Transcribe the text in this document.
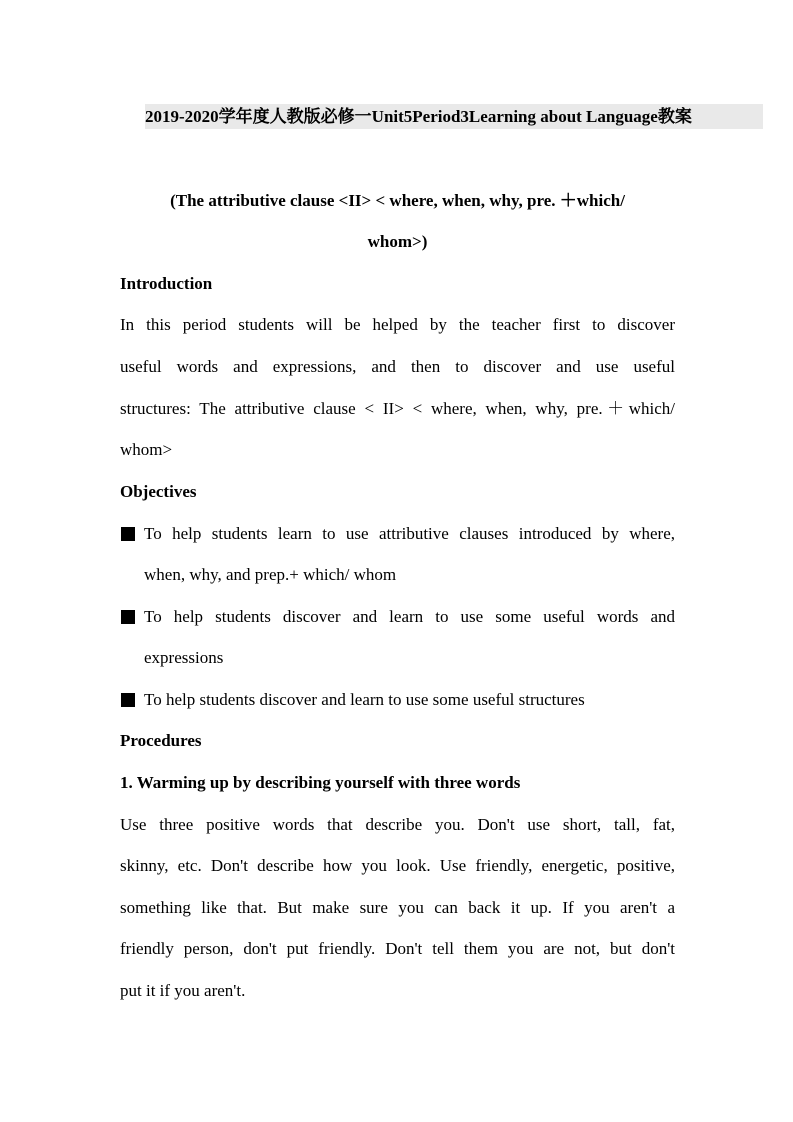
2019-2020学年度人教版必修一Unit5Period3Learning about Language教案
(The attributive clause <II> < where, when, why, pre. ＋which/
whom>)
Introduction
In this period students will be helped by the teacher first to discover
useful words and expressions, and then to discover and use useful
structures: The attributive clause < II> < where, when, why, pre.＋which/
whom>
Objectives
To help students learn to use attributive clauses introduced by where,
when, why, and prep.+ which/ whom
To help students discover and learn to use some useful words and
expressions
To help students discover and learn to use some useful structures
Procedures
1. Warming up by describing yourself with three words
Use three positive words that describe you. Don't use short, tall, fat,
skinny, etc. Don't describe how you look. Use friendly, energetic, positive,
something like that. But make sure you can back it up. If you aren't a
friendly person, don't put friendly. Don't tell them you are not, but don't
put it if you aren't.
